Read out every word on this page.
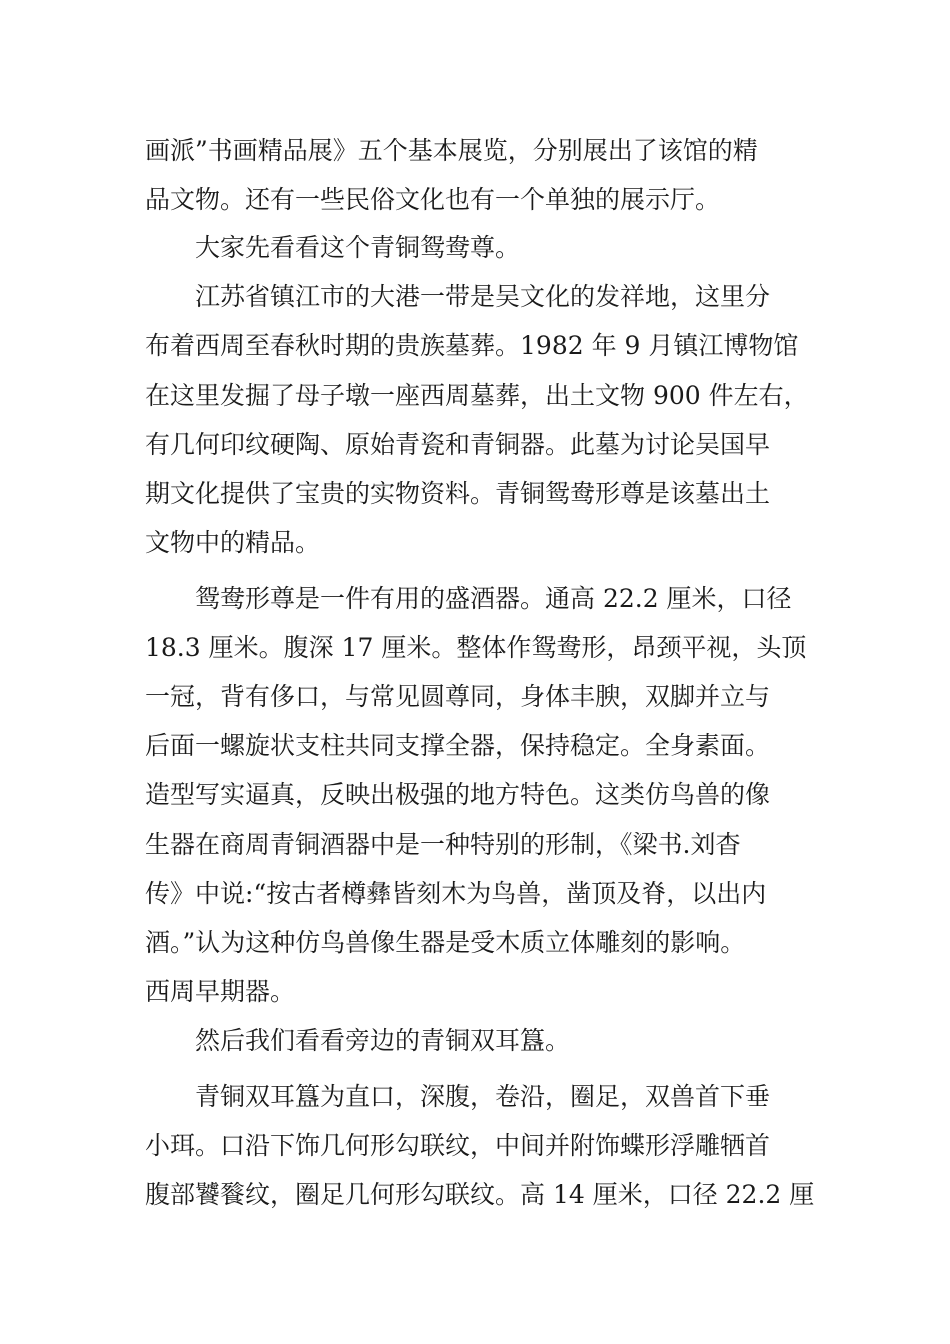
画派”书画精品展》五个基本展览，分别展出了该馆的精
品文物。还有一些民俗文化也有一个单独的展示厅。
大家先看看这个青铜鸳鸯尊。
江苏省镇江市的大港一带是吴文化的发祥地，这里分
布着西周至春秋时期的贵族墓葬。1982 年 9 月镇江博物馆
在这里发掘了母子墩一座西周墓葬，出土文物 900 件左右，
有几何印纹硬陶、原始青瓷和青铜器。此墓为讨论吴国早
期文化提供了宝贵的实物资料。青铜鸳鸯形尊是该墓出土
文物中的精品。
鸳鸯形尊是一件有用的盛酒器。通高 22.2 厘米，口径
18.3 厘米。腹深 17 厘米。整体作鸳鸯形，昂颈平视，头顶
一冠，背有侈口，与常见圆尊同，身体丰腴，双脚并立与
后面一螺旋状支柱共同支撑全器，保持稳定。全身素面。
造型写实逼真，反映出极强的地方特色。这类仿鸟兽的像
生器在商周青铜酒器中是一种特别的形制，《梁书.刘杳
传》中说:“按古者樽彝皆刻木为鸟兽，凿顶及脊，以出内
酒。”认为这种仿鸟兽像生器是受木质立体雕刻的影响。
西周早期器。
然后我们看看旁边的青铜双耳簋。
青铜双耳簋为直口，深腹，卷沿，圈足，双兽首下垂
小珥。口沿下饰几何形勾联纹，中间并附饰蝶形浮雕牺首
腹部饕餮纹，圈足几何形勾联纹。高 14 厘米，口径 22.2 厘
